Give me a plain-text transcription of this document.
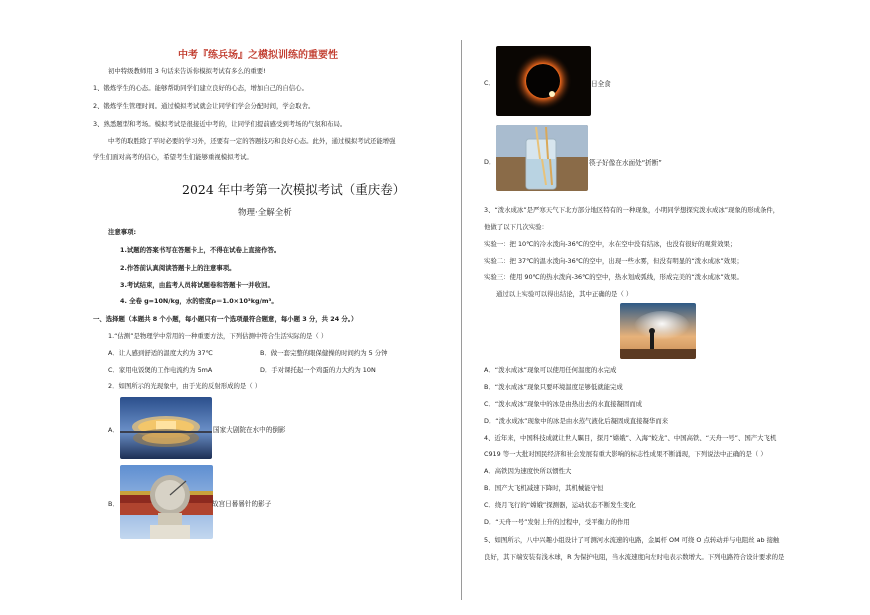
中考『练兵场』之模拟训练的重要性
初中特级教师用 3 句话来告诉你模拟考试有多么的重要!
1、锻炼学生的心态。能够帮助同学们建立良好的心态，增加自己的自信心。
2、锻炼学生管理时间。通过模拟考试就会让同学们学会分配时间，学会取舍。
3、熟悉题型和考场。模拟考试是很接近中考的，让同学们提前感受到考场的气氛和布局。
中考的取胜除了平时必要的学习外，还要有一定的答题技巧和良好心态。此外，通过模拟考试还能增强
学生们面对高考的信心，希望考生们能够重视模拟考试。
2024 年中考第一次模拟考试（重庆卷）
物理·全解全析
注意事项:
1.试题的答案书写在答题卡上，不得在试卷上直接作答。
2.作答前认真阅读答题卡上的注意事项。
3.考试结束，由监考人员将试题卷和答题卡一并收回。
4. 全卷 g=10N/kg，水的密度ρ＝1.0×10³kg/m³。
一、选择题（本题共 8 个小题，每小题只有一个选项最符合题意，每小题 3 分，共 24 分。）
1.“估测”是物理学中常用的一种重要方法，下列估测中符合生活实际的是（ ）
A．让人感到舒适的温度大约为 37℃	B．做一套完整的眼保健操的时间约为 5 分钟
C．家用电饭煲的工作电流约为 5mA	D．手对课托起一个鸡蛋的力大约为 10N
2．如图所示的光现象中，由于光的反射形成的是（ ）
A．	国家大剧院在水中的倒影
B．	故宫日晷晷针的影子
C．	日全食
D．	筷子好像在水面处“折断”
3、“泼水成冰”是严寒天气下北方部分地区特有的一种现象，小明同学想探究泼水成冰”现象的形成条件，
他做了以下几次实验：
实验一：把 10℃的冷水泼向-36℃的空中，水在空中没有结冰，也没有很好的观赏效果；
实验二：把 37℃的温水泼向-36℃的空中，出现一些水雾，但没有明显的“泼水成冰”效果；
实验三：使用 90℃的热水泼向-36℃的空中，热水划成弧线，形成完美的“泼水成冰”效果。
通过以上实验可以得出结论，其中正确的是（ ）
A．“泼水成冰”现象可以使用任何温度的水完成
B．“泼水成冰”现象只要环境温度足够低就能完成
C．“泼水成冰”现象中的冰是由热出去的水直接凝固而成
D．“泼水成冰”现象中的冰是由水蒸气液化后凝固成直接凝华而来
4、近年来，中国科技成就让世人瞩目，探月“嫦娥”、入海“蛟龙”、中国高铁、“天舟一号”、国产大飞机
C919 等一大批对国民经济和社会发展有重大影响的标志性成果不断涌现，下列说法中正确的是（ ）
A．高铁因为速度快所以惯性大
B．国产大飞机减速下降时，其机械能守恒
C．绕月飞行的“嫦娥”探测器，运动状态不断发生变化
D．“天舟一号”发射上升的过程中，受平衡力的作用
5、如图所示，八中兴趣小组设计了可测河水流速的电路，金属杆 OM 可绕 O 点转动并与电阻丝 ab 接触
良好，其下端安装有浅木球，R 为保护电阻，当水流速度向左时电表示数增大。下列电路符合设计要求的是
